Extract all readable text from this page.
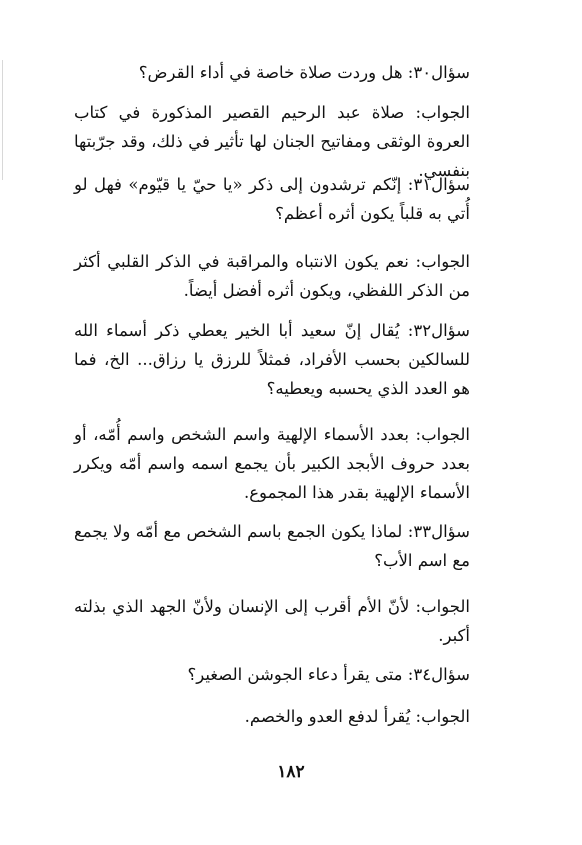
سؤال٣٠: هل وردت صلاة خاصة في أداء القرض؟

الجواب: صلاة عبد الرحيم القصير المذكورة في كتاب العروة الوثقى ومفاتيح الجنان لها تأثير في ذلك، وقد جرّبتها بنفسي.

سؤال٣١: إنّكم ترشدون إلى ذكر «يا حيّ يا قيّوم» فهل لو أُتي به قلباً يكون أثره أعظم؟

الجواب: نعم يكون الانتباه والمراقبة في الذكر القلبي أكثر من الذكر اللفظي، ويكون أثره أفضل أيضاً.

سؤال٣٢: يُقال إنّ سعيد أبا الخير يعطي ذكر أسماء الله للسالكين بحسب الأفراد، فمثلاً للرزق يا رزاق... الخ، فما هو العدد الذي يحسبه ويعطيه؟

الجواب: بعدد الأسماء الإلهية واسم الشخص واسم أُمّه، أو بعدد حروف الأبجد الكبير بأن يجمع اسمه واسم أمّه ويكرر الأسماء الإلهية بقدر هذا المجموع.

سؤال٣٣: لماذا يكون الجمع باسم الشخص مع أمّه ولا يجمع مع اسم الأب؟

الجواب: لأنّ الأم أقرب إلى الإنسان ولأنّ الجهد الذي بذلته أكبر.

سؤال٣٤: متى يقرأ دعاء الجوشن الصغير؟

الجواب: يُقرأ لدفع العدو والخصم.

١٨٢
